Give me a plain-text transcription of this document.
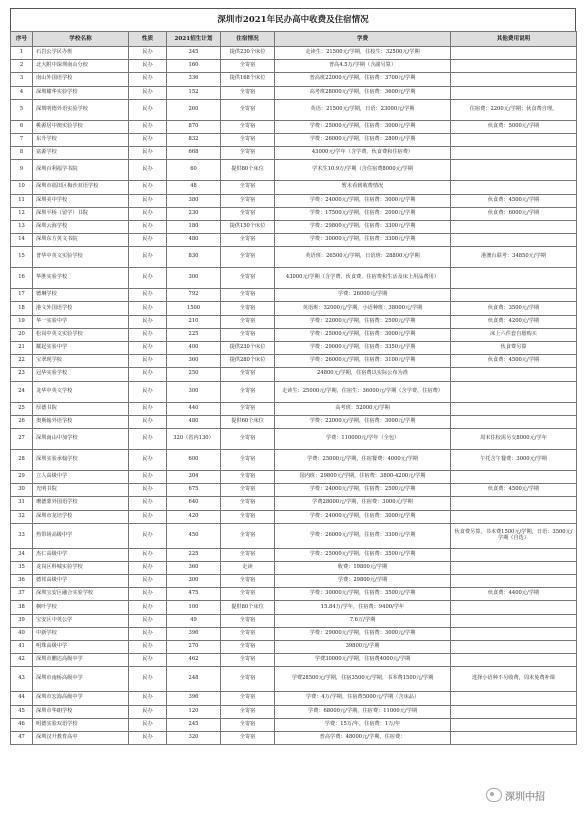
深圳市2021年民办高中收费及住宿情况
序号	学校名称	性质	2021招生计划	住宿情况	学费	其他费用说明
1	石岩公学民办班	民办	345	提供230个床位	走读生：21500元/学期，住校生：32500元/学期	
2	北大附中深圳南山分校	民办	160	全寄宿	普高4.5万/学期（含副另算）	
3	南山外国语学校	民办	336	提供168个床位	普高班22000元/学期，住宿费：3700元/学期	
4	深圳耀华实验学校	民办	152	全寄宿	高考班28000元/学期，住宿费：3600元/学期	
5	深圳明德外语实验学校	民办	260	全寄宿	英语：21500元/学期，日语：23000元/学期	住宿费：2200元/学期；伙食费自理。
6	桃源居中澳实验学校	民办	870	全寄宿	学费：25000元/学期，住宿费：3000元/学期	伙食费：5000元/学期
7	东升学校	民办	832	全寄宿	学费：26000元/学期，住宿费：2800元/学期	
8	富源学校	民办	668	全寄宿	43000元/学年（含学费、伙食费和住宿费）	
9	深圳百利福学书院	民办	60	提供80个床位	学术生10.9万/学期（含住宿费8000元/学期	
10	深圳市福田区梅沙双语学校	民办	48	全寄宿	暂未看到收费情况	
11	深圳美中学校	民办	380	全寄宿	学费：24000元/学期，住宿费：3000元/学期	伙食费：4500元/学期
12	深圳平桥（留学）书院	民办	230	全寄宿	学费：17500元/学期，住宿费：2000元/学期	伙食费：6000元/学期
13	深圳云海学校	民办	180	提供150个床位	学费：29800元/学期，住宿费：3300元/学期	
14	深圳东方英文书院	民办	480	全寄宿	学费：30000元/学期，住宿费：3300元/学期	
15	普华中英文实验学校	民办	830	全寄宿	英语班：26500元/学期，日语班：28800元/学期	港澳台联考：34850元/学期
16	华胜实验学校	民办	300	全寄宿	43000元/学期（含学费、伙食费、住宿费和生活及床上用品费用）	
17	德琳学校	民办	792	全寄宿	学费：26000元/学期	
18	港文外国语学校	民办	1500	全寄宿	英语班：32000元/学期，小语种班：38000元/学期	伙食费：3500元/学期
19	华一实验中学	民办	210	全寄宿	学费：22000元/学期，住宿费：2500元/学期	伙食费：4200元/学期
20	松岗中英文实验学校	民办	225	全寄宿	学费：25000元/学期，住宿费：3000元/学期	床上六件套自愿购买
21	耀起实验中学	民办	400	提供230个床位	学费：29000元/学期，住宿费：3350元/学期	伙食费另算
22	宝翠现学校	民办	360	提供280个床位	学费：26000元/学期，住宿费：3100元/学期	伙食费：4500元/学期
23	冠华实验学校	民办	250	全寄宿	24800元/学期，住宿费以实际公布为准	
24	龙华中英文学校	民办	300	全寄宿	走读生：25000元/学期，住宿生：36000元/学期（含学费、住宿费）	
25	厚德书院	民办	440	全寄宿	高考班：52000元/学期	
26	奥斯翰外语学校	民办	480	提供60个床位	学费：22000元/学期，住宿费：3000元/学期	
27	深圳南山中加学校	民办	320（省内130）	全寄宿	学费：110000元/学年（全包）	周末住校需另交8000元/学年
28	深圳实验承翰学校	民办	600	全寄宿	学费：25000元/学期，住宿餐费：4000元/学期	午托含午餐费：3000元/学期
29	立人高级中学	民办	304	全寄宿	国内班：29800元/学期，住宿费：3800-4200元/学期	
30	光明书院	民办	675	全寄宿	学费：24000元/学期，住宿费：2500元/学期	伙食费：4500元/学期
31	珊德蒙外国语学校	民办	640	全寄宿	学费28000元/学期，住宿费：3000元/学期	
32	深圳市龙培学校	民办	420	全寄宿	学费：24000元/学期，住宿费：3000元/学期	
33	热带场高级中学	民办	450	全寄宿	学费：26000元/学期，住宿费：3300元/学期	伙食费另算，书本费1500元/学期，日语：3500元/学期（自选）
34	杰仁高级中学	民办	225	全寄宿	学费：25000元/学期，住宿费：3500元/学期	
35	龙岗区科城实验学校	民办	360	走读	收费：19800元/学期	
36	德邦高级中学	民办	300	全寄宿	学费：29800元/学期	
37	深圳宝安区融合实验学校	民办	475	全寄宿	学费：30000元/学期，住宿费：3500元/学期	伙食费：4400元/学期
38	枫叶学校	民办	100	提供80个床位	15.84万/学年，住宿费：9400/学年	
39	宝安区中英公学	民办	49	全寄宿	7.6万/学期	
40	中新学校	民办	396	全寄宿	学费：29000元/学期，住宿费：3000元/学期	
41	明珠高级中学	民办	270	全寄宿	39800元/学期	
42	深圳市鹏达高级中学	民办	462	全寄宿	学费30000元/学期，住宿费4000元/学期	
43	深圳市南桥高级中学	民办	248	全寄宿	学费28500元/学期，住宿3500元/学期，书本费1500元/学期	选择小语种不另收费，周末免费补课
44	深圳市宏海高级中学	民办	396	全寄宿	学费：4万/学期，住宿费5000元/学期（含床品）	
45	深圳市华朗学校	民办	120	全寄宿	学费：68000元/学期，住宿费：11000元/学期	
46	明德实验双语学校	民办	245	全寄宿	学费：15万/年，住宿费：1万/年	
47	深圳汉升教育高中	民办	320	全寄宿	普高学费：48000元/学期，住宿费：	
深圳中招
